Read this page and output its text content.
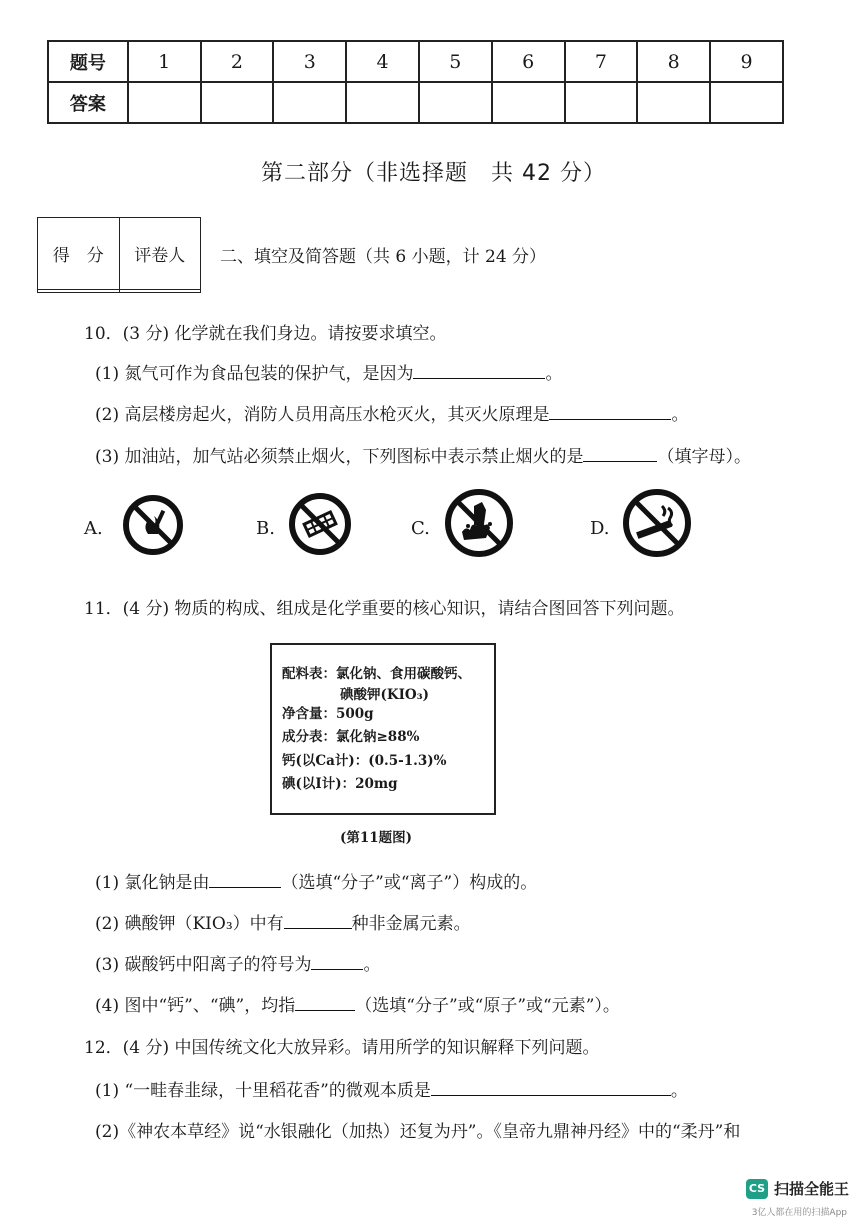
题号	1	2	3	4	5	6	7	8	9
答案									
第二部分（非选择题　共 42 分）
得　分	评卷人
	二、填空及简答题（共 6 小题，计 24 分）
10．(3 分) 化学就在我们身边。请按要求填空。
(1) 氮气可作为食品包装的保护气，是因为	。
(2) 高层楼房起火，消防人员用高压水枪灭火，其灭火原理是	。
(3) 加油站，加气站必须禁止烟火，下列图标中表示禁止烟火的是	（填字母）。
A.	B.	C.	D.
11．(4 分) 物质的构成、组成是化学重要的核心知识，请结合图回答下列问题。
配料表：氯化钠、食用碳酸钙、
碘酸钾(KIO₃)
净含量：500g
成分表：氯化钠≥88%
钙(以Ca计)：(0.5-1.3)%
碘(以I计)：20mg
(第11题图)
(1) 氯化钠是由	（选填“分子”或“离子”）构成的。
(2) 碘酸钾（KIO₃）中有	种非金属元素。
(3) 碳酸钙中阳离子的符号为	。
(4) 图中“钙”、“碘”，均指	（选填“分子”或“原子”或“元素”）。
12．(4 分) 中国传统文化大放异彩。请用所学的知识解释下列问题。
(1) “一畦春韭绿，十里稻花香”的微观本质是	。
(2)《神农本草经》说“水银融化（加热）还复为丹”。《皇帝九鼎神丹经》中的“柔丹”和
CS 扫描全能王
3亿人都在用的扫描App
